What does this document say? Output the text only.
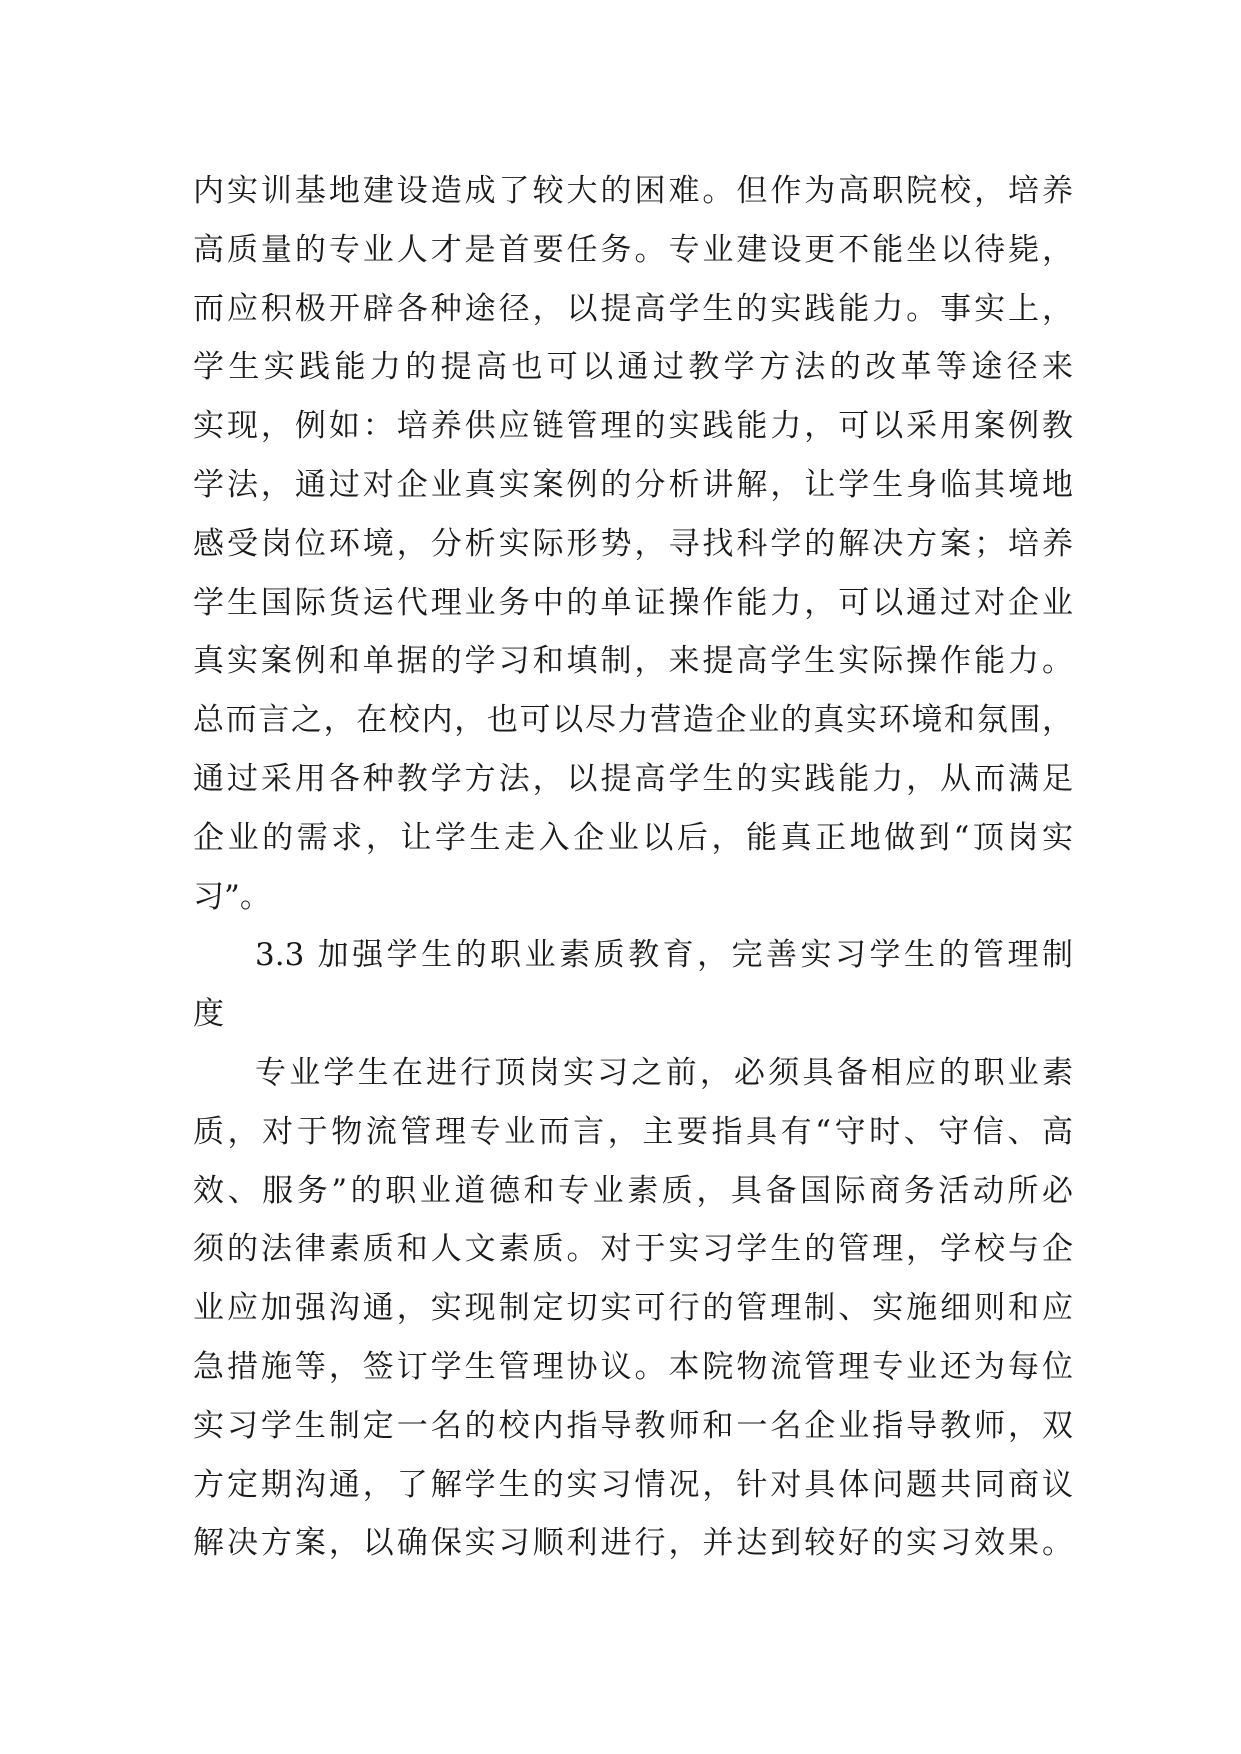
内实训基地建设造成了较大的困难。但作为高职院校，培养
高质量的专业人才是首要任务。专业建设更不能坐以待毙，
而应积极开辟各种途径，以提高学生的实践能力。事实上，
学生实践能力的提高也可以通过教学方法的改革等途径来
实现，例如：培养供应链管理的实践能力，可以采用案例教
学法，通过对企业真实案例的分析讲解，让学生身临其境地
感受岗位环境，分析实际形势，寻找科学的解决方案；培养
学生国际货运代理业务中的单证操作能力，可以通过对企业
真实案例和单据的学习和填制，来提高学生实际操作能力。
总而言之，在校内，也可以尽力营造企业的真实环境和氛围，
通过采用各种教学方法，以提高学生的实践能力，从而满足
企业的需求，让学生走入企业以后，能真正地做到“顶岗实
习”。
3.3 加强学生的职业素质教育，完善实习学生的管理制
度
专业学生在进行顶岗实习之前，必须具备相应的职业素
质，对于物流管理专业而言，主要指具有“守时、守信、高
效、服务”的职业道德和专业素质，具备国际商务活动所必
须的法律素质和人文素质。对于实习学生的管理，学校与企
业应加强沟通，实现制定切实可行的管理制、实施细则和应
急措施等，签订学生管理协议。本院物流管理专业还为每位
实习学生制定一名的校内指导教师和一名企业指导教师，双
方定期沟通，了解学生的实习情况，针对具体问题共同商议
解决方案，以确保实习顺利进行，并达到较好的实习效果。
